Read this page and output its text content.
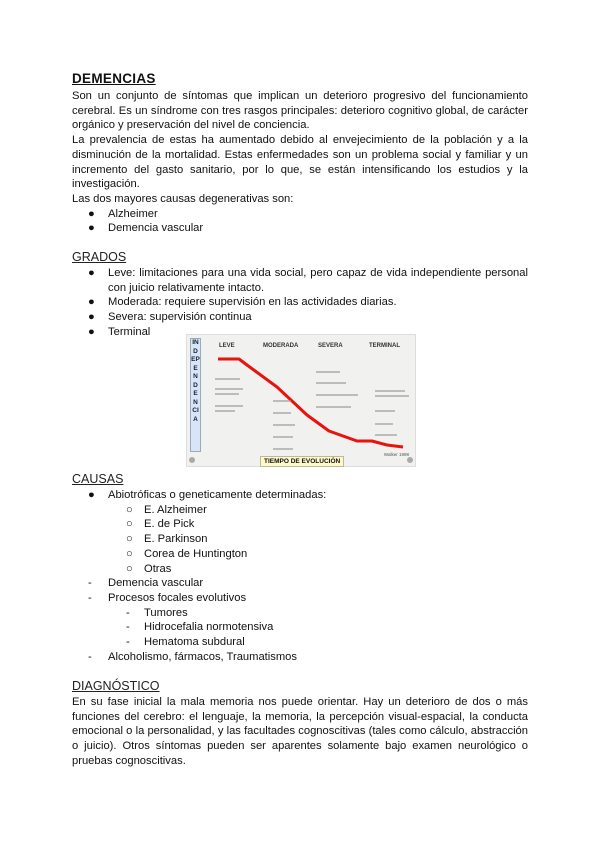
DEMENCIAS

Son un conjunto de síntomas que implican un deterioro progresivo del funcionamiento cerebral. Es un síndrome con tres rasgos principales: deterioro cognitivo global, de carácter orgánico y preservación del nivel de conciencia.

La prevalencia de estas ha aumentado debido al envejecimiento de la población y a la disminución de la mortalidad. Estas enfermedades son un problema social y familiar y un incremento del gasto sanitario, por lo que, se están intensificando los estudios y la investigación.

Las dos mayores causas degenerativas son:

● Alzheimer
● Demencia vascular
GRADOS
● Leve: limitaciones para una vida social, pero capaz de vida independiente personal con juicio relativamente intacto.
● Moderada: requiere supervisión en las actividades diarias.
● Severa: supervisión continua
● Terminal
INDEPENDENCIA
LEVE	MODERADA	SEVERA	TERMINAL
TIEMPO DE EVOLUCIÓN
Walker 1998
CAUSAS
● Abiotróficas o geneticamente determinadas:
○ E. Alzheimer
○ E. de Pick
○ E. Parkinson
○ Corea de Huntington
○ Otras
- Demencia vascular
- Procesos focales evolutivos
- Tumores
- Hidrocefalia normotensiva
- Hematoma subdural
- Alcoholismo, fármacos, Traumatismos
DIAGNÓSTICO
En su fase inicial la mala memoria nos puede orientar. Hay un deterioro de dos o más funciones del cerebro: el lenguaje, la memoria, la percepción visual-espacial, la conducta emocional o la personalidad, y las facultades cognoscitivas (tales como cálculo, abstracción o juicio). Otros síntomas pueden ser aparentes solamente bajo examen neurológico o pruebas cognoscitivas.
